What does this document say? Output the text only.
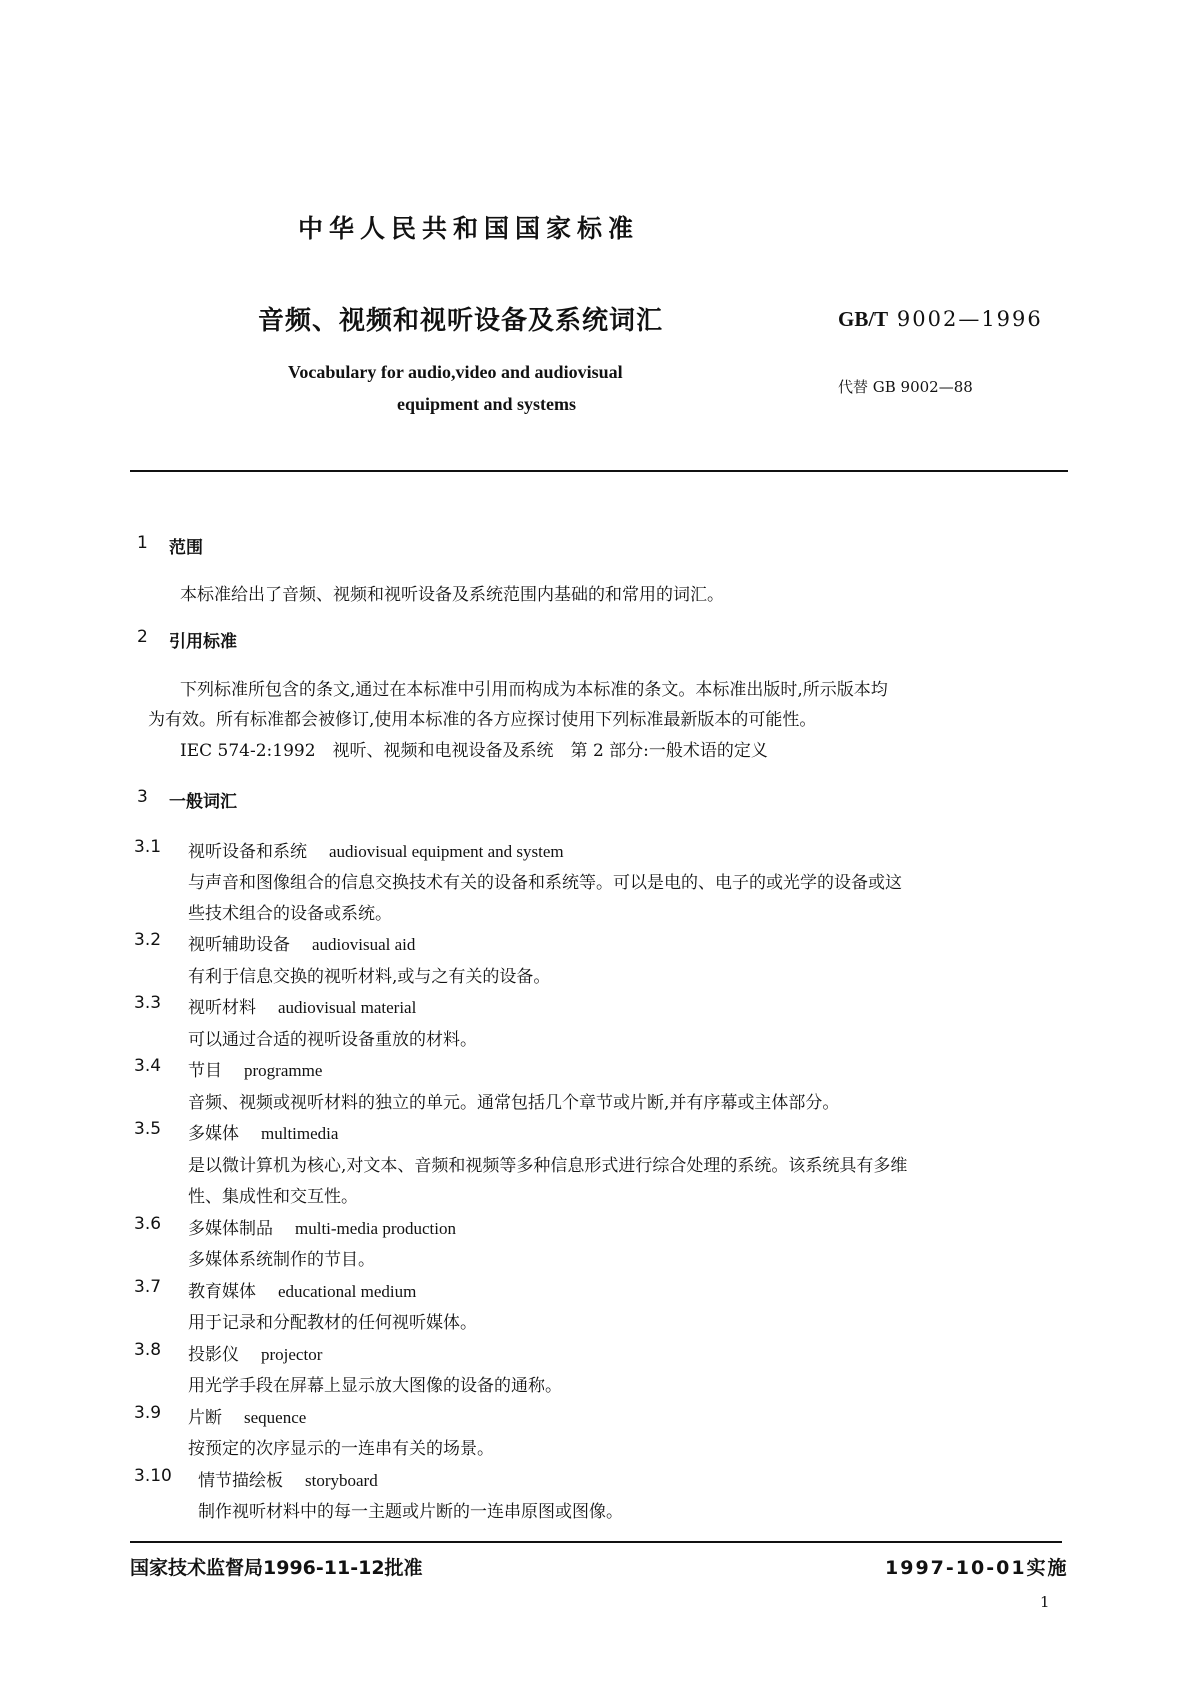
中华人民共和国国家标准
音频、视频和视听设备及系统词汇	GB/T 9002—1996
Vocabulary for audio,video and audiovisual
equipment and systems
代替 GB 9002—88
1 范围
本标准给出了音频、视频和视听设备及系统范围内基础的和常用的词汇。
2 引用标准
下列标准所包含的条文,通过在本标准中引用而构成为本标准的条文。本标准出版时,所示版本均
为有效。所有标准都会被修订,使用本标准的各方应探讨使用下列标准最新版本的可能性。
IEC 574-2:1992　视听、视频和电视设备及系统　第 2 部分:一般术语的定义
3 一般词汇
3.1 视听设备和系统 audiovisual equipment and system
与声音和图像组合的信息交换技术有关的设备和系统等。可以是电的、电子的或光学的设备或这
些技术组合的设备或系统。
3.2 视听辅助设备 audiovisual aid
有利于信息交换的视听材料,或与之有关的设备。
3.3 视听材料 audiovisual material
可以通过合适的视听设备重放的材料。
3.4 节目 programme
音频、视频或视听材料的独立的单元。通常包括几个章节或片断,并有序幕或主体部分。
3.5 多媒体 multimedia
是以微计算机为核心,对文本、音频和视频等多种信息形式进行综合处理的系统。该系统具有多维
性、集成性和交互性。
3.6 多媒体制品 multi-media production
多媒体系统制作的节目。
3.7 教育媒体 educational medium
用于记录和分配教材的任何视听媒体。
3.8 投影仪 projector
用光学手段在屏幕上显示放大图像的设备的通称。
3.9 片断 sequence
按预定的次序显示的一连串有关的场景。
3.10 情节描绘板 storyboard
制作视听材料中的每一主题或片断的一连串原图或图像。
国家技术监督局1996-11-12批准	1997-10-01实施
1
